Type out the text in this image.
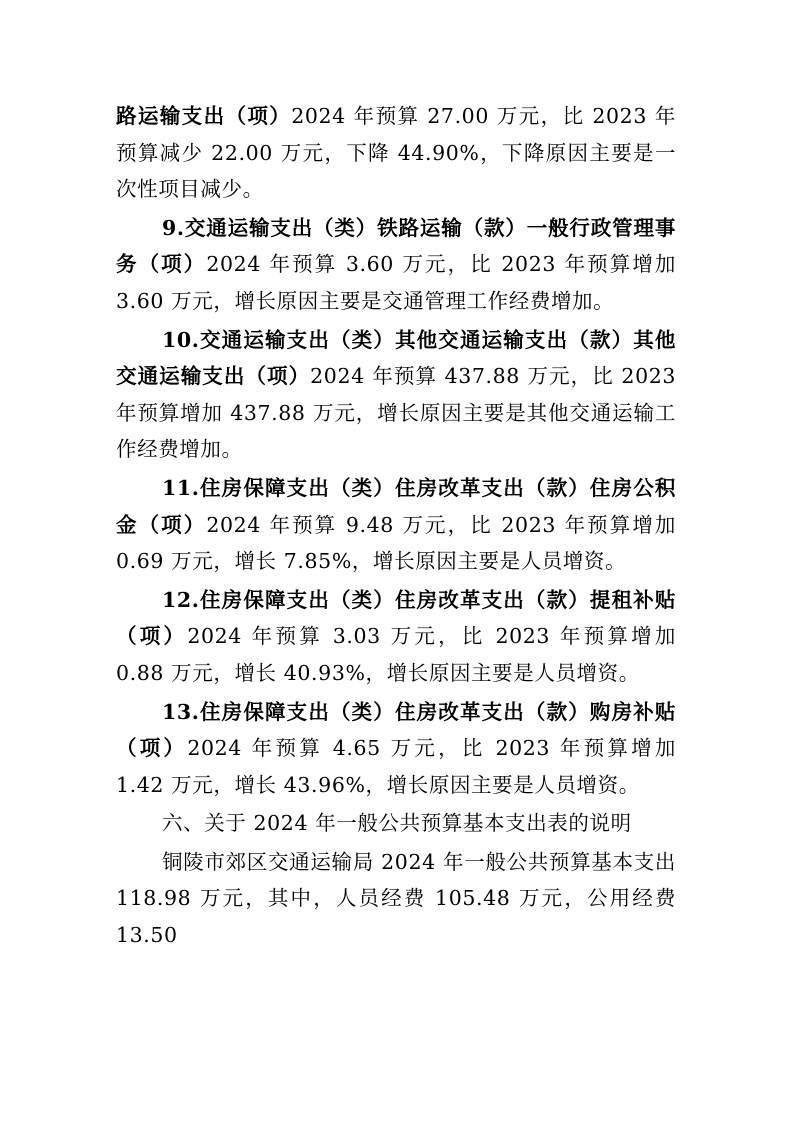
路运输支出（项）2024 年预算 27.00 万元，比 2023 年预算减少 22.00 万元，下降 44.90%，下降原因主要是一次性项目减少。

9.交通运输支出（类）铁路运输（款）一般行政管理事务（项）2024 年预算 3.60 万元，比 2023 年预算增加 3.60 万元，增长原因主要是交通管理工作经费增加。

10.交通运输支出（类）其他交通运输支出（款）其他交通运输支出（项）2024 年预算 437.88 万元，比 2023 年预算增加 437.88 万元，增长原因主要是其他交通运输工作经费增加。

11.住房保障支出（类）住房改革支出（款）住房公积金（项）2024 年预算 9.48 万元，比 2023 年预算增加 0.69 万元，增长 7.85%，增长原因主要是人员增资。

12.住房保障支出（类）住房改革支出（款）提租补贴（项）2024 年预算 3.03 万元，比 2023 年预算增加 0.88 万元，增长 40.93%，增长原因主要是人员增资。

13.住房保障支出（类）住房改革支出（款）购房补贴（项）2024 年预算 4.65 万元，比 2023 年预算增加 1.42 万元，增长 43.96%，增长原因主要是人员增资。

六、关于 2024 年一般公共预算基本支出表的说明

铜陵市郊区交通运输局 2024 年一般公共预算基本支出 118.98 万元，其中，人员经费 105.48 万元，公用经费 13.50
